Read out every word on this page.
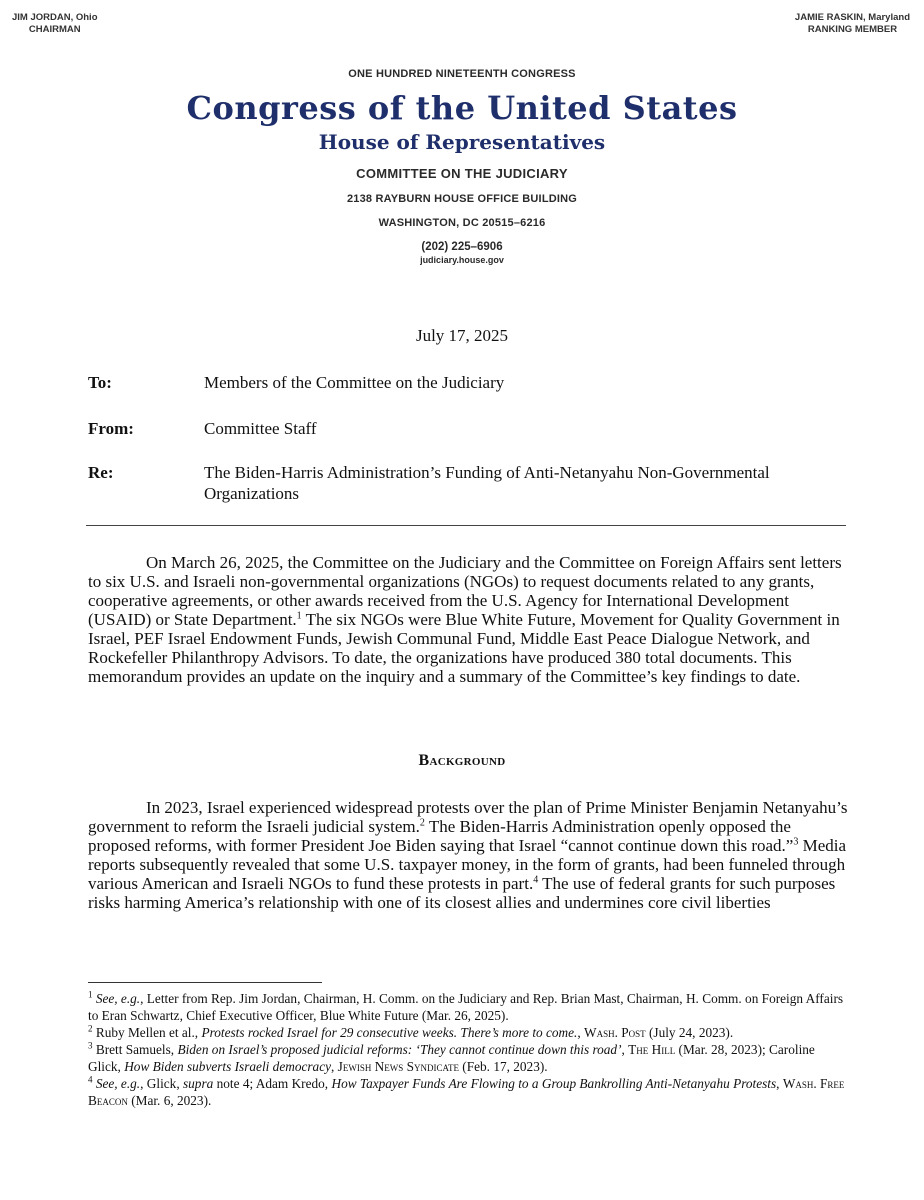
JIM JORDAN, Ohio
CHAIRMAN
JAMIE RASKIN, Maryland
RANKING MEMBER
ONE HUNDRED NINETEENTH CONGRESS
Congress of the United States
House of Representatives
COMMITTEE ON THE JUDICIARY
2138 RAYBURN HOUSE OFFICE BUILDING
WASHINGTON, DC 20515–6216
(202) 225–6906
judiciary.house.gov
July 17, 2025
To:	Members of the Committee on the Judiciary
From:	Committee Staff
Re:	The Biden-Harris Administration’s Funding of Anti-Netanyahu Non-Governmental Organizations
On March 26, 2025, the Committee on the Judiciary and the Committee on Foreign Affairs sent letters to six U.S. and Israeli non-governmental organizations (NGOs) to request documents related to any grants, cooperative agreements, or other awards received from the U.S. Agency for International Development (USAID) or State Department.$^1$ The six NGOs were Blue White Future, Movement for Quality Government in Israel, PEF Israel Endowment Funds, Jewish Communal Fund, Middle East Peace Dialogue Network, and Rockefeller Philanthropy Advisors. To date, the organizations have produced 380 total documents. This memorandum provides an update on the inquiry and a summary of the Committee’s key findings to date.
Background
In 2023, Israel experienced widespread protests over the plan of Prime Minister Benjamin Netanyahu’s government to reform the Israeli judicial system.$^2$ The Biden-Harris Administration openly opposed the proposed reforms, with former President Joe Biden saying that Israel “cannot continue down this road.”$^3$ Media reports subsequently revealed that some U.S. taxpayer money, in the form of grants, had been funneled through various American and Israeli NGOs to fund these protests in part.$^4$ The use of federal grants for such purposes risks harming America’s relationship with one of its closest allies and undermines core civil liberties

$^1$ See, e.g., Letter from Rep. Jim Jordan, Chairman, H. Comm. on the Judiciary and Rep. Brian Mast, Chairman, H. Comm. on Foreign Affairs to Eran Schwartz, Chief Executive Officer, Blue White Future (Mar. 26, 2025).

$^2$ Ruby Mellen et al., Protests rocked Israel for 29 consecutive weeks. There’s more to come., Wash. Post (July 24, 2023).

$^3$ Brett Samuels, Biden on Israel’s proposed judicial reforms: ‘They cannot continue down this road’, The Hill (Mar. 28, 2023); Caroline Glick, How Biden subverts Israeli democracy, Jewish News Syndicate (Feb. 17, 2023).

$^4$ See, e.g., Glick, supra note 4; Adam Kredo, How Taxpayer Funds Are Flowing to a Group Bankrolling Anti-Netanyahu Protests, Wash. Free Beacon (Mar. 6, 2023).
